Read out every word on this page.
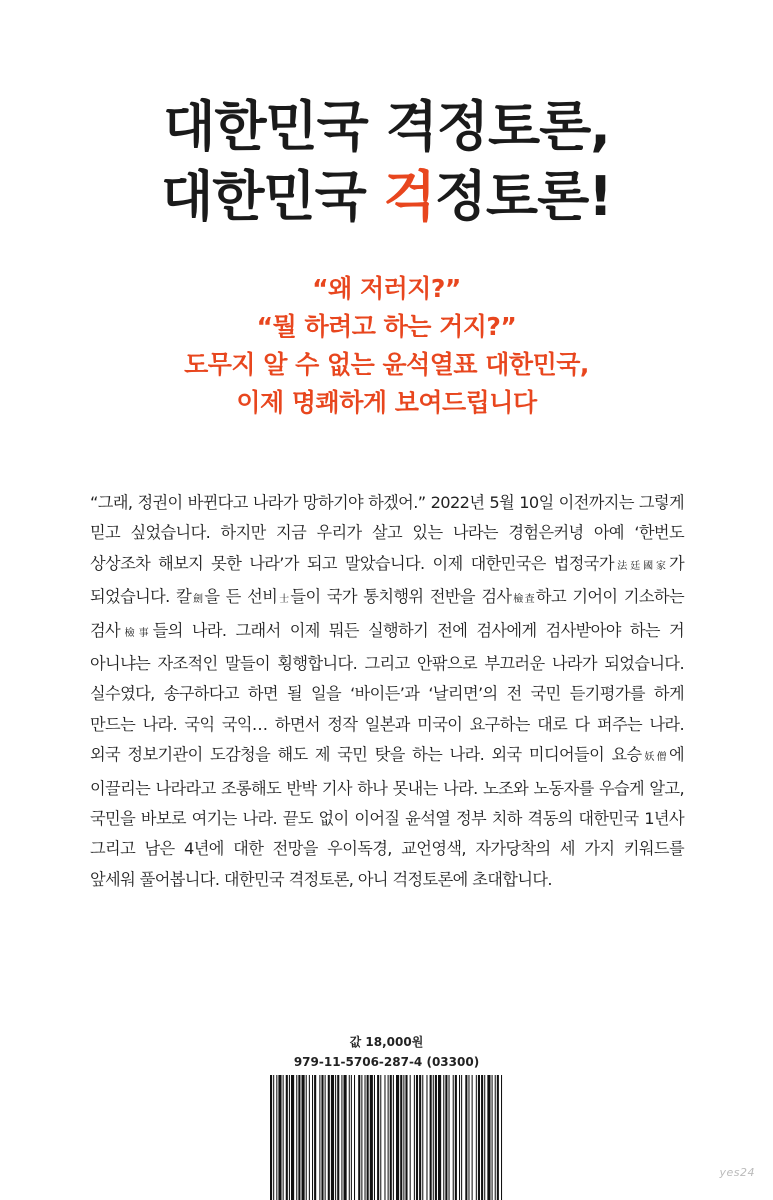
대한민국 격정토론,
대한민국 걱정토론!
“왜 저러지?”
“뭘 하려고 하는 거지?”
도무지 알 수 없는 윤석열표 대한민국,
이제 명쾌하게 보여드립니다
“그래, 정권이 바뀐다고 나라가 망하기야 하겠어.” 2022년 5월 10일 이전까지는 그렇게 믿고 싶었습니다. 하지만 지금 우리가 살고 있는 나라는 경험은커녕 아예 ‘한번도 상상조차 해보지 못한 나라’가 되고 말았습니다. 이제 대한민국은 법정국가法廷國家가 되었습니다. 칼劍을 든 선비士들이 국가 통치행위 전반을 검사檢査하고 기어이 기소하는 검사檢事들의 나라. 그래서 이제 뭐든 실행하기 전에 검사에게 검사받아야 하는 거 아니냐는 자조적인 말들이 횡행합니다. 그리고 안팎으로 부끄러운 나라가 되었습니다. 실수였다, 송구하다고 하면 될 일을 ‘바이든’과 ‘날리면’의 전 국민 듣기평가를 하게 만드는 나라. 국익 국익… 하면서 정작 일본과 미국이 요구하는 대로 다 퍼주는 나라. 외국 정보기관이 도감청을 해도 제 국민 탓을 하는 나라. 외국 미디어들이 요승妖僧에 이끌리는 나라라고 조롱해도 반박 기사 하나 못내는 나라. 노조와 노동자를 우습게 알고, 국민을 바보로 여기는 나라. 끝도 없이 이어질 윤석열 정부 치하 격동의 대한민국 1년사 그리고 남은 4년에 대한 전망을 우이독경, 교언영색, 자가당착의 세 가지 키워드를 앞세워 풀어봅니다. 대한민국 격정토론, 아니 걱정토론에 초대합니다.
값 18,000원
979-11-5706-287-4 (03300)
yes24
